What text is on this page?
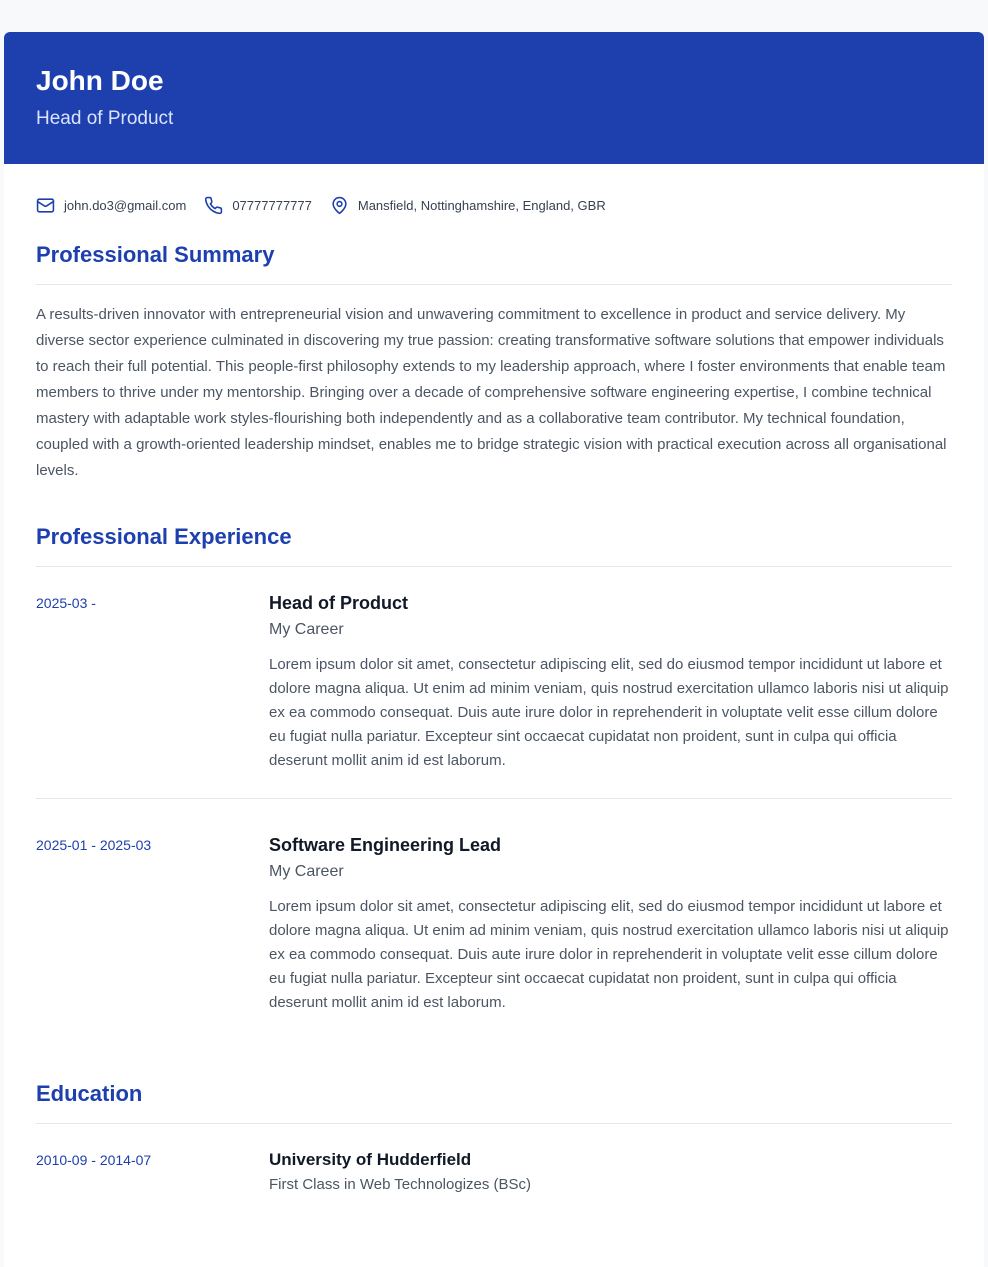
John Doe
Head of Product
john.do3@gmail.com	07777777777	Mansfield, Nottinghamshire, England, GBR
Professional Summary

A results-driven innovator with entrepreneurial vision and unwavering commitment to excellence in product and service delivery. My diverse sector experience culminated in discovering my true passion: creating transformative software solutions that empower individuals to reach their full potential. This people-first philosophy extends to my leadership approach, where I foster environments that enable team members to thrive under my mentorship. Bringing over a decade of comprehensive software engineering expertise, I combine technical mastery with adaptable work styles-flourishing both independently and as a collaborative team contributor. My technical foundation, coupled with a growth-oriented leadership mindset, enables me to bridge strategic vision with practical execution across all organisational levels.

Professional Experience
2025-03 -	Head of Product
My Career

Lorem ipsum dolor sit amet, consectetur adipiscing elit, sed do eiusmod tempor incididunt ut labore et dolore magna aliqua. Ut enim ad minim veniam, quis nostrud exercitation ullamco laboris nisi ut aliquip ex ea commodo consequat. Duis aute irure dolor in reprehenderit in voluptate velit esse cillum dolore eu fugiat nulla pariatur. Excepteur sint occaecat cupidatat non proident, sunt in culpa qui officia deserunt mollit anim id est laborum.

2025-01 - 2025-03	Software Engineering Lead
My Career

Lorem ipsum dolor sit amet, consectetur adipiscing elit, sed do eiusmod tempor incididunt ut labore et dolore magna aliqua. Ut enim ad minim veniam, quis nostrud exercitation ullamco laboris nisi ut aliquip ex ea commodo consequat. Duis aute irure dolor in reprehenderit in voluptate velit esse cillum dolore eu fugiat nulla pariatur. Excepteur sint occaecat cupidatat non proident, sunt in culpa qui officia deserunt mollit anim id est laborum.

Education
2010-09 - 2014-07	University of Hudderfield
First Class in Web Technologizes (BSc)
